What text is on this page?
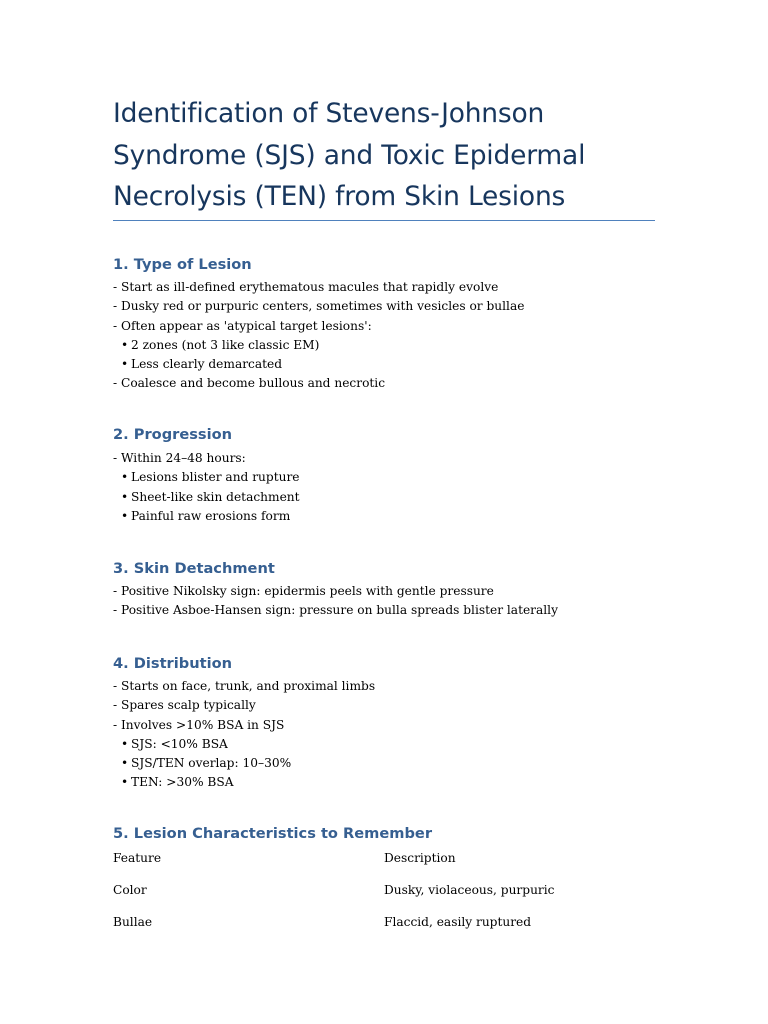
Identification of Stevens-Johnson Syndrome (SJS) and Toxic Epidermal Necrolysis (TEN) from Skin Lesions
1. Type of Lesion
- Start as ill-defined erythematous macules that rapidly evolve
- Dusky red or purpuric centers, sometimes with vesicles or bullae
- Often appear as 'atypical target lesions':
• 2 zones (not 3 like classic EM)
• Less clearly demarcated
- Coalesce and become bullous and necrotic
2. Progression
- Within 24–48 hours:
• Lesions blister and rupture
• Sheet-like skin detachment
• Painful raw erosions form
3. Skin Detachment
- Positive Nikolsky sign: epidermis peels with gentle pressure
- Positive Asboe-Hansen sign: pressure on bulla spreads blister laterally
4. Distribution
- Starts on face, trunk, and proximal limbs
- Spares scalp typically
- Involves >10% BSA in SJS
• SJS: <10% BSA
• SJS/TEN overlap: 10–30%
• TEN: >30% BSA
5. Lesion Characteristics to Remember
Feature	Description
Color	Dusky, violaceous, purpuric
Bullae	Flaccid, easily ruptured
